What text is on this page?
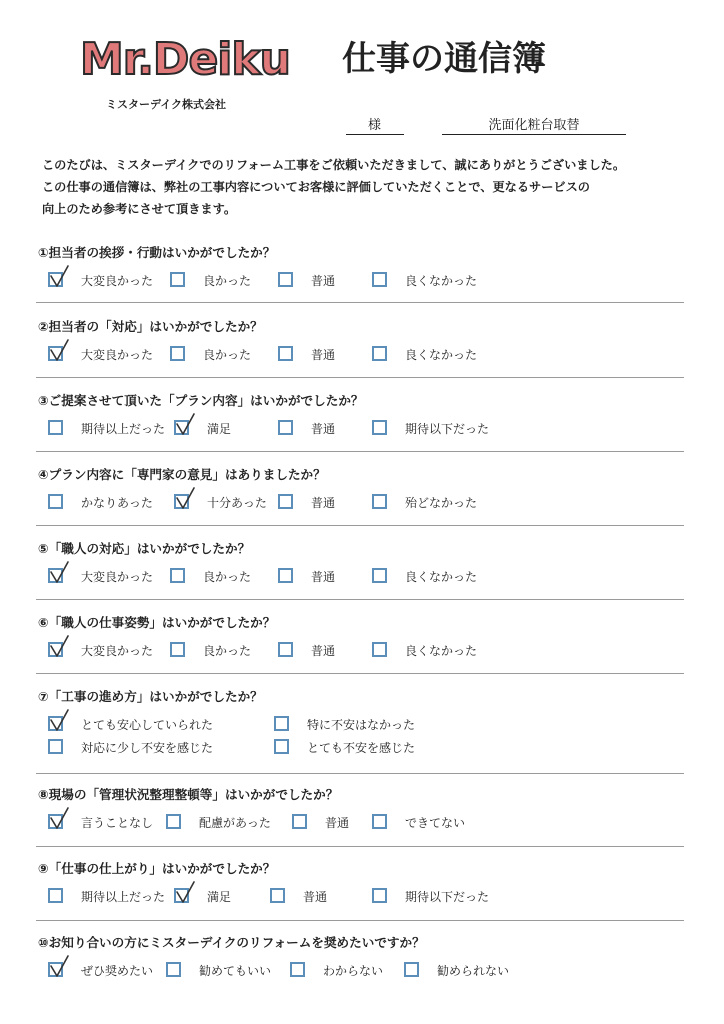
Mr.Deiku 仕事の通信簿
ミスターデイク株式会社
様	洗面化粧台取替
このたびは、ミスターデイクでのリフォーム工事をご依頼いただきまして、誠にありがとうございました。
この仕事の通信簿は、弊社の工事内容についてお客様に評価していただくことで、更なるサービスの
向上のため参考にさせて頂きます。
①担当者の挨拶・行動はいかがでしたか？
大変良かった	良かった	普通	良くなかった
②担当者の「対応」はいかがでしたか？
大変良かった	良かった	普通	良くなかった
③ご提案させて頂いた「プラン内容」はいかがでしたか？
期待以上だった	満足	普通	期待以下だった
④プラン内容に「専門家の意見」はありましたか？
かなりあった	十分あった	普通	殆どなかった
⑤「職人の対応」はいかがでしたか？
大変良かった	良かった	普通	良くなかった
⑥「職人の仕事姿勢」はいかがでしたか？
大変良かった	良かった	普通	良くなかった
⑦「工事の進め方」はいかがでしたか？
とても安心していられた	特に不安はなかった
対応に少し不安を感じた	とても不安を感じた
⑧現場の「管理状況整理整頓等」はいかがでしたか？
言うことなし	配慮があった	普通	できてない
⑨「仕事の仕上がり」はいかがでしたか？
期待以上だった	満足	普通	期待以下だった
⑩お知り合いの方にミスターデイクのリフォームを奨めたいですか？
ぜひ奨めたい	勧めてもいい	わからない	勧められない
